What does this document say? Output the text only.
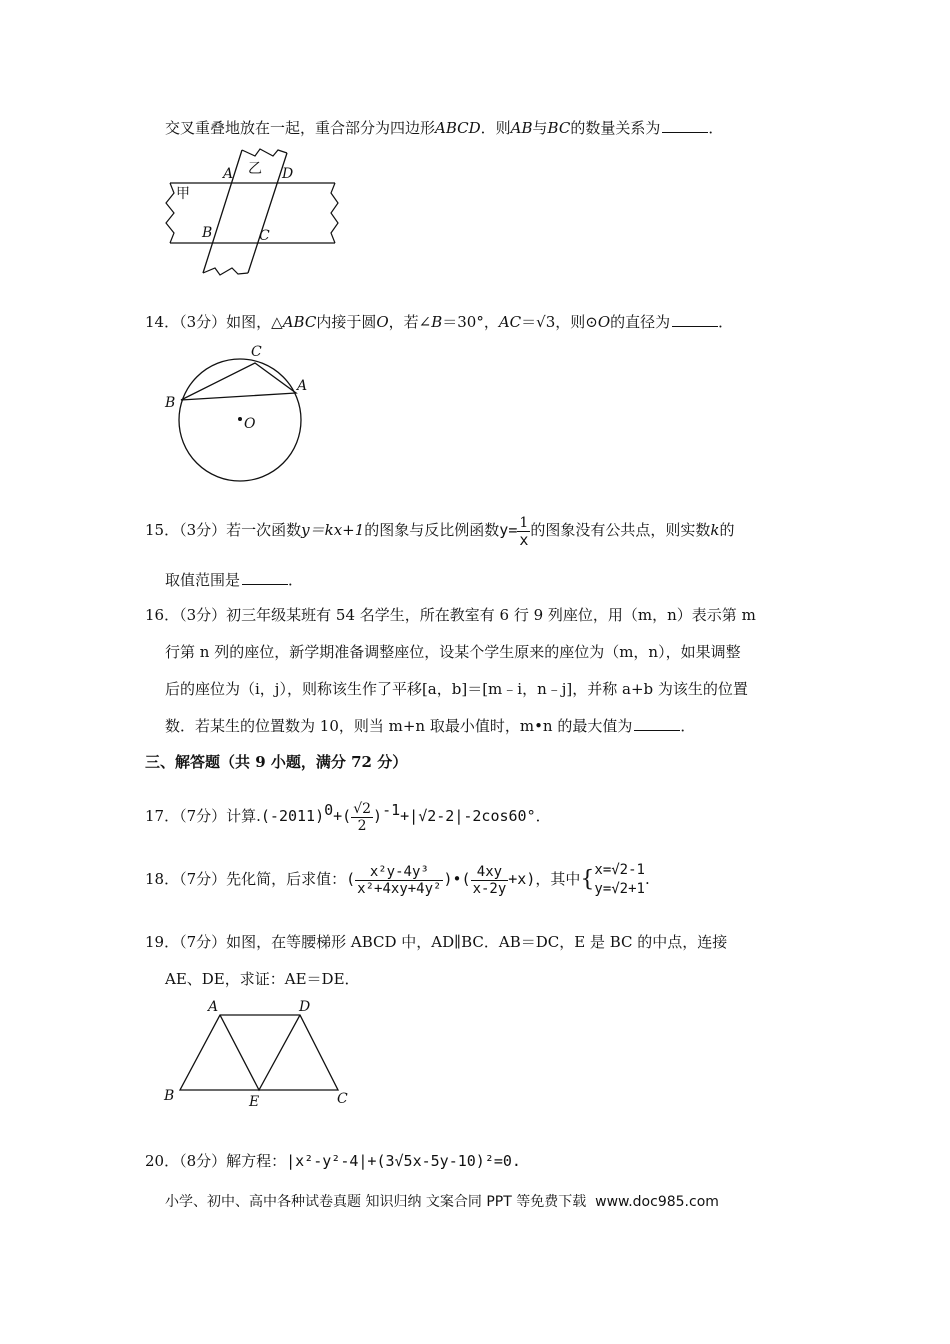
交叉重叠地放在一起，重合部分为四边形ABCD．则AB与BC的数量关系为	．
甲
乙
A	D
B	C
14．（3分）如图，△ABC内接于圆O，若∠B＝30°，AC＝√3，则⊙O的直径为	．
C
A
B
O
15．（3分）若一次函数y＝kx+1的图象与反比例函数$y= \frac{1}{x}$ 的图象没有公共点，则实数k的
取值范围是	．
16．（3分）初三年级某班有 54 名学生，所在教室有 6 行 9 列座位，用（m，n）表示第 m
行第 n 列的座位，新学期准备调整座位，设某个学生原来的座位为（m，n），如果调整
后的座位为（i，j），则称该生作了平移[a，b]＝[m﹣i，n﹣j]，并称 a+b 为该生的位置
数．若某生的位置数为 10，则当 m+n 取最小值时，m•n 的最大值为	．
三、解答题（共 9 小题，满分 72 分）
17．（7分）计算$.(-2011)^0+( \frac{√2}{2} )^{-1}+|√2-2|-2\cos 60^\circ$．
18．（7分）先化简，后求值：( $\frac{\text{x²y-4y³}}{\text{x²+4xy+4y²}}$ )•( $\frac{4xy}{x-2y} +x$)，其中{ x=√2-1
y=√2+1
.
19．（7分）如图，在等腰梯形 ABCD 中，AD∥BC．AB＝DC，E 是 BC 的中点，连接
AE、DE，求证：AE＝DE．
A	D
B	E	C
20．（8分）解方程：|x²-y²-4|+(3√5x-5y-10)²=0.
小学、初中、高中各种试卷真题 知识归纳 文案合同 PPT 等免费下载 www.doc985.com
